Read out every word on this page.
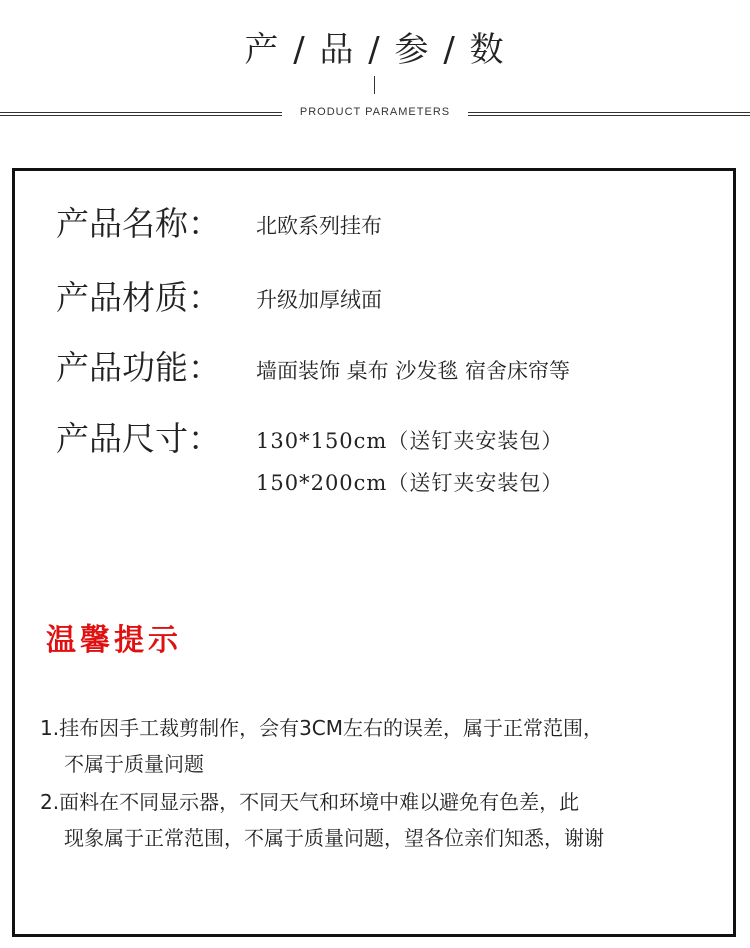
产 / 品 / 参 / 数
PRODUCT PARAMETERS
产品名称： 北欧系列挂布
产品材质： 升级加厚绒面
产品功能： 墙面装饰 桌布 沙发毯 宿舍床帘等
产品尺寸： 130*150cm（送钉夹安装包）
150*200cm（送钉夹安装包）
温馨提示
1.挂布因手工裁剪制作，会有3CM左右的误差，属于正常范围，
不属于质量问题
2.面料在不同显示器，不同天气和环境中难以避免有色差，此
现象属于正常范围，不属于质量问题，望各位亲们知悉，谢谢
